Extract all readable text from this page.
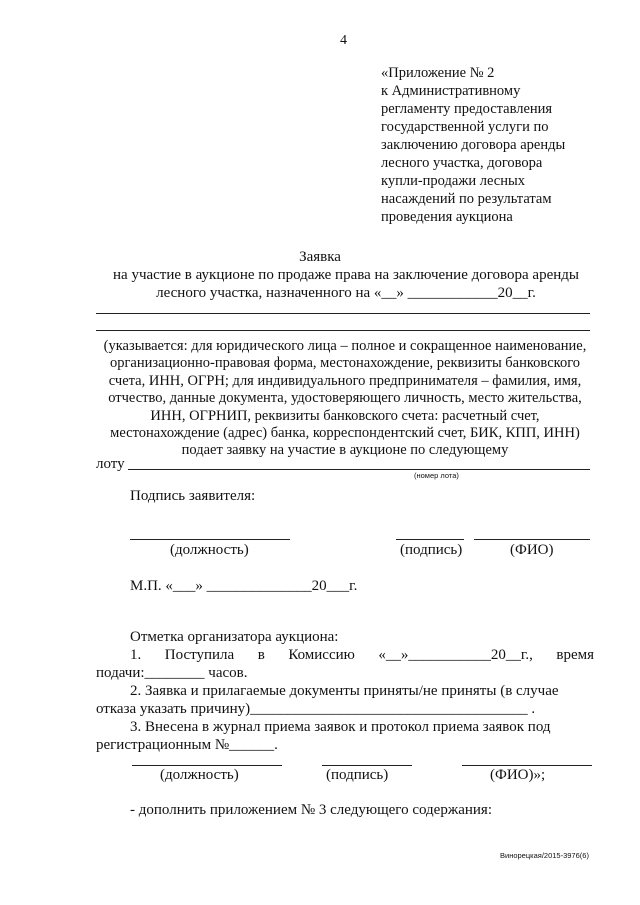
4
«Приложение № 2
к Административному
регламенту предоставления
государственной услуги по
заключению договора аренды
лесного участка, договора
купли-продажи лесных
насаждений по результатам
проведения аукциона
Заявка
на участие в аукционе по продаже права на заключение договора аренды
лесного участка, назначенного на «__» ____________20__г.
(указывается: для юридического лица – полное и сокращенное наименование,
организационно-правовая форма, местонахождение, реквизиты банковского
счета, ИНН, ОГРН; для индивидуального предпринимателя – фамилия, имя,
отчество, данные документа, удостоверяющего личность, место жительства,
ИНН, ОГРНИП, реквизиты банковского счета: расчетный счет,
местонахождение (адрес) банка, корреспондентский счет, БИК, КПП, ИНН)
подает заявку на участие в аукционе по следующему
лоту
(номер лота)
Подпись заявителя:
(должность)	(подпись)	(ФИО)
М.П. «___» ______________20___г.
Отметка организатора аукциона:
1. Поступила в Комиссию «__»___________20__г., время
подачи:________ часов.
2. Заявка и прилагаемые документы приняты/не приняты (в случае
отказа указать причину)_____________________________________ .
3. Внесена в журнал приема заявок и протокол приема заявок под
регистрационным №______.
(должность)	(подпись)	(ФИО)»;
- дополнить приложением № 3 следующего содержания:
Винорецкая/2015-3976(6)
